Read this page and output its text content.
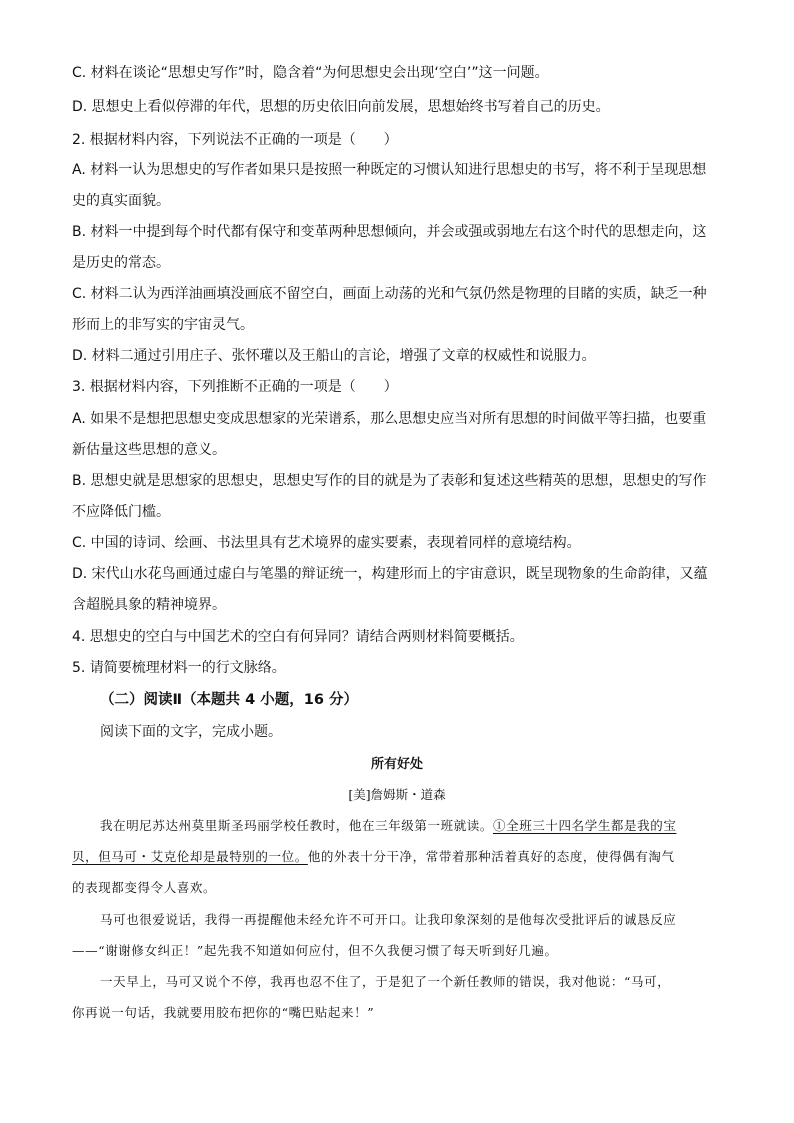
C. 材料在谈论“思想史写作”时，隐含着“为何思想史会出现‘空白’”这一问题。
D. 思想史上看似停滞的年代，思想的历史依旧向前发展，思想始终书写着自己的历史。
2. 根据材料内容，下列说法不正确的一项是（　　）
A. 材料一认为思想史的写作者如果只是按照一种既定的习惯认知进行思想史的书写，将不利于呈现思想
史的真实面貌。
B. 材料一中提到每个时代都有保守和变革两种思想倾向，并会或强或弱地左右这个时代的思想走向，这
是历史的常态。
C. 材料二认为西洋油画填没画底不留空白，画面上动荡的光和气氛仍然是物理的目睹的实质，缺乏一种
形而上的非写实的宇宙灵气。
D. 材料二通过引用庄子、张怀瓘以及王船山的言论，增强了文章的权威性和说服力。
3. 根据材料内容，下列推断不正确的一项是（　　）
A. 如果不是想把思想史变成思想家的光荣谱系，那么思想史应当对所有思想的时间做平等扫描，也要重
新估量这些思想的意义。
B. 思想史就是思想家的思想史，思想史写作的目的就是为了表彰和复述这些精英的思想，思想史的写作
不应降低门槛。
C. 中国的诗词、绘画、书法里具有艺术境界的虚实要素，表现着同样的意境结构。
D. 宋代山水花鸟画通过虚白与笔墨的辩证统一，构建形而上的宇宙意识，既呈现物象的生命韵律，又蕴
含超脱具象的精神境界。
4. 思想史的空白与中国艺术的空白有何异同？请结合两则材料简要概括。
5. 请简要梳理材料一的行文脉络。
（二）阅读Ⅱ（本题共 4 小题，16 分）
阅读下面的文字，完成小题。
所有好处
[美]詹姆斯・道森
我在明尼苏达州莫里斯圣玛丽学校任教时，他在三年级第一班就读。①全班三十四名学生都是我的宝
贝，但马可・艾克伦却是最特别的一位。他的外表十分干净，常带着那种活着真好的态度，使得偶有淘气
的表现都变得令人喜欢。
马可也很爱说话，我得一再提醒他未经允许不可开口。让我印象深刻的是他每次受批评后的诚恳反应
——“谢谢修女纠正！”起先我不知道如何应付，但不久我便习惯了每天听到好几遍。
一天早上，马可又说个不停，我再也忍不住了，于是犯了一个新任教师的错误，我对他说：“马可，
你再说一句话，我就要用胶布把你的“嘴巴贴起来！”
